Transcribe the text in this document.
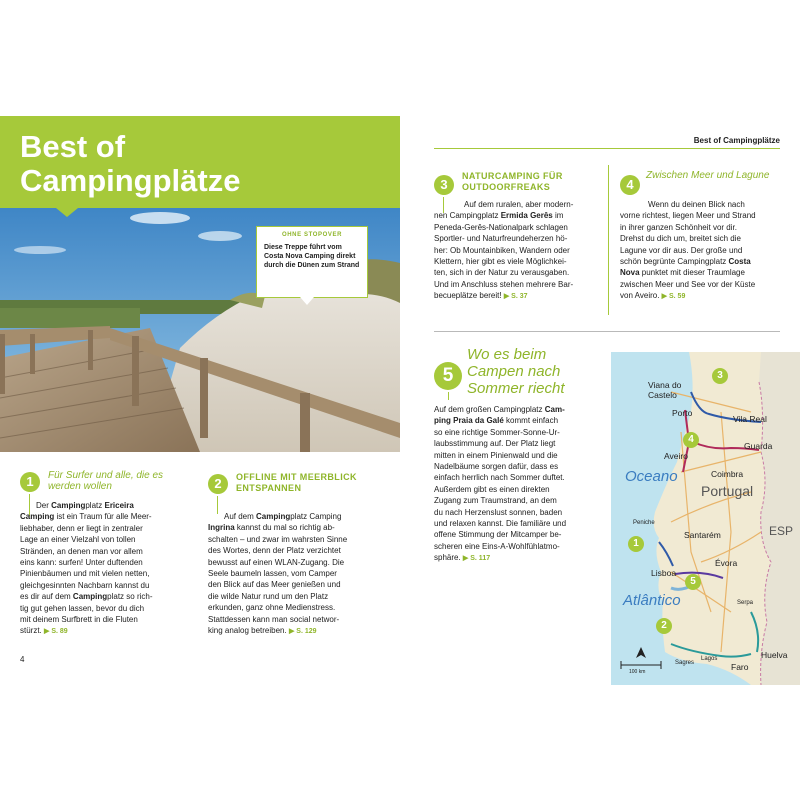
Best of
Campingplätze
OHNE STOPOVER
Diese Treppe führt vom Costa Nova Camping direkt durch die Dünen zum Strand
Best of Campingplätze
1	Für Surfer und alle, die es werden wollen
Der Campingplatz Ericeira
Camping ist ein Traum für alle Meer-
liebhaber, denn er liegt in zentraler
Lage an einer Vielzahl von tollen
Stränden, an denen man vor allem
eins kann: surfen! Unter duftenden
Pinienbäumen und mit vielen netten,
gleichgesinnten Nachbarn kannst du
es dir auf dem Campingplatz so rich-
tig gut gehen lassen, bevor du dich
mit deinem Surfbrett in die Fluten
stürzt. ▶ S. 89
2	OFFLINE MIT MEERBLICK ENTSPANNEN
Auf dem Campingplatz Camping
Ingrina kannst du mal so richtig ab-
schalten – und zwar im wahrsten Sinne
des Wortes, denn der Platz verzichtet
bewusst auf einen WLAN-Zugang. Die
Seele baumeln lassen, vom Camper
den Blick auf das Meer genießen und
die wilde Natur rund um den Platz
erkunden, ganz ohne Medienstress.
Stattdessen kann man social networ-
king analog betreiben. ▶ S. 129
3
NATURCAMPING FÜR OUTDOORFREAKS
Auf dem ruralen, aber modern-
nen Campingplatz Ermida Gerês im
Peneda-Gerês-Nationalpark schlagen
Sportler- und Naturfreundeherzen hö-
her: Ob Mountainbiken, Wandern oder
Klettern, hier gibt es viele Möglichkei-
ten, sich in der Natur zu verausgaben.
Und im Anschluss stehen mehrere Bar-
becueplätze bereit! ▶ S. 37
4
Zwischen Meer und Lagune
Wenn du deinen Blick nach
vorne richtest, liegen Meer und Strand
in ihrer ganzen Schönheit vor dir.
Drehst du dich um, breitet sich die
Lagune vor dir aus. Der große und
schön begrünte Campingplatz Costa
Nova punktet mit dieser Traumlage
zwischen Meer und See vor der Küste
von Aveiro. ▶ S. 59
5
Wo es beim Campen nach Sommer riecht
Auf dem großen Campingplatz Cam-
ping Praia da Galé kommt einfach
so eine richtige Sommer-Sonne-Ur-
laubsstimmung auf. Der Platz liegt
mitten in einem Pinienwald und die
Nadelbäume sorgen dafür, dass es
einfach herrlich nach Sommer duftet.
Außerdem gibt es einen direkten
Zugang zum Traumstrand, an dem
du nach Herzenslust sonnen, baden
und relaxen kannst. Die familiäre und
offene Stimmung der Mitcamper be-
scheren eine Eins-A-Wohlfühlatmo-
sphäre. ▶ S. 117
4
Viana do
Castelo
Porto
Vila Real
Guarda
Aveiro
Coimbra
Portugal
ESP
Oceano
Atlântico
Peniche
Santarém
Évora
Lisboa
Serpa
Sagres
Lagos
Faro
Huelva
100 km
3
4
1
5
2
